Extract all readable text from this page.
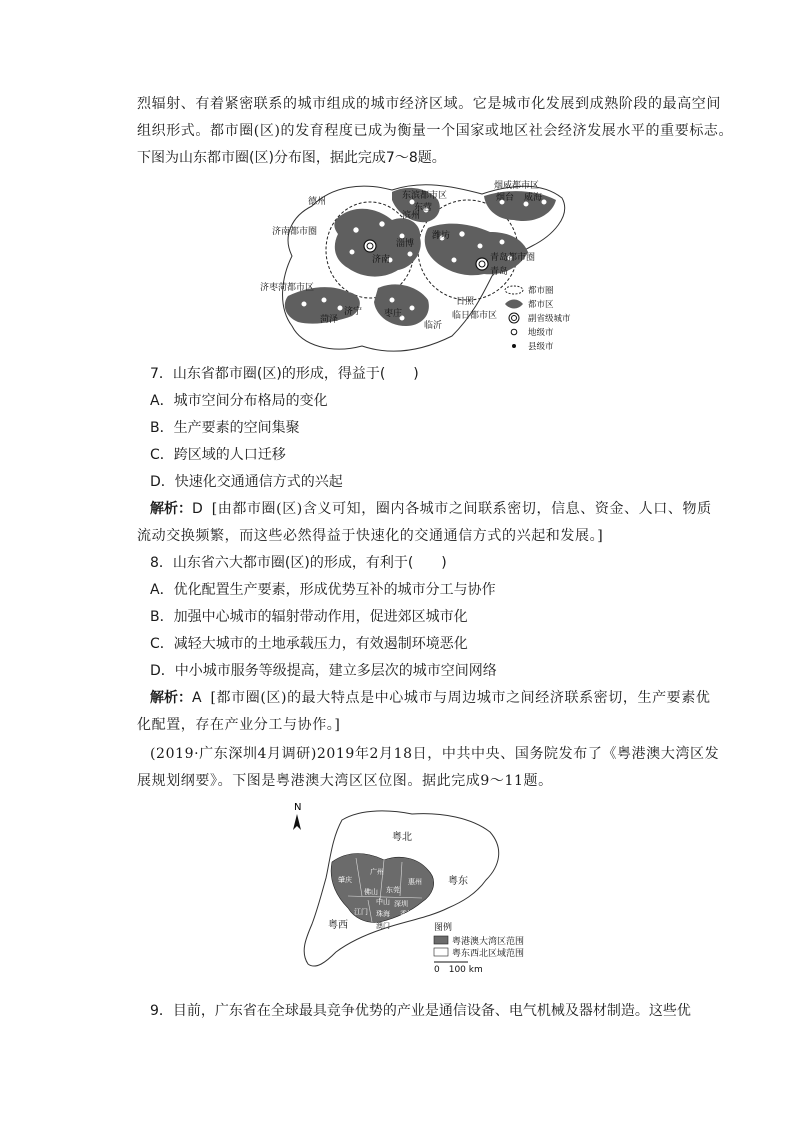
烈辐射、有着紧密联系的城市组成的城市经济区域。它是城市化发展到成熟阶段的最高空间
组织形式。都市圈(区)的发育程度已成为衡量一个国家或地区社会经济发展水平的重要标志。
下图为山东都市圈(区)分布图，据此完成7～8题。
德州
滨州
东营
东滨都市区
烟威都市区
烟台 威海
济南都市圈
淄博
济南
潍坊
青岛都市圈
青岛
济枣菏都市区
济宁 枣庄
菏泽
日照
临沂
临日都市区
都市圈
都市区
副省级城市
地级市
县级市
7．山东省都市圈(区)的形成，得益于(　　)
A．城市空间分布格局的变化
B．生产要素的空间集聚
C．跨区域的人口迁移
D．快速化交通通信方式的兴起
解析：D [由都市圈(区)含义可知，圈内各城市之间联系密切，信息、资金、人口、物质
流动交换频繁，而这些必然得益于快速化的交通通信方式的兴起和发展。]
8．山东省六大都市圈(区)的形成，有利于(　　)
A．优化配置生产要素，形成优势互补的城市分工与协作
B．加强中心城市的辐射带动作用，促进郊区城市化
C．减轻大城市的土地承载压力，有效遏制环境恶化
D．中小城市服务等级提高，建立多层次的城市空间网络
解析：A [都市圈(区)的最大特点是中心城市与周边城市之间经济联系密切，生产要素优
化配置，存在产业分工与协作。]
(2019·广东深圳4月调研)2019年2月18日，中共中央、国务院发布了《粤港澳大湾区发
展规划纲要》。下图是粤港澳大湾区区位图。据此完成9～11题。
N
粤北
粤东
粤西
肇庆
广州
惠州
佛山 东莞
中山 深圳
江门 珠海 香港
澳门	图例
粤港澳大湾区范围
粤东西北区域范围
0　100 km
9．目前，广东省在全球最具竞争优势的产业是通信设备、电气机械及器材制造。这些优
